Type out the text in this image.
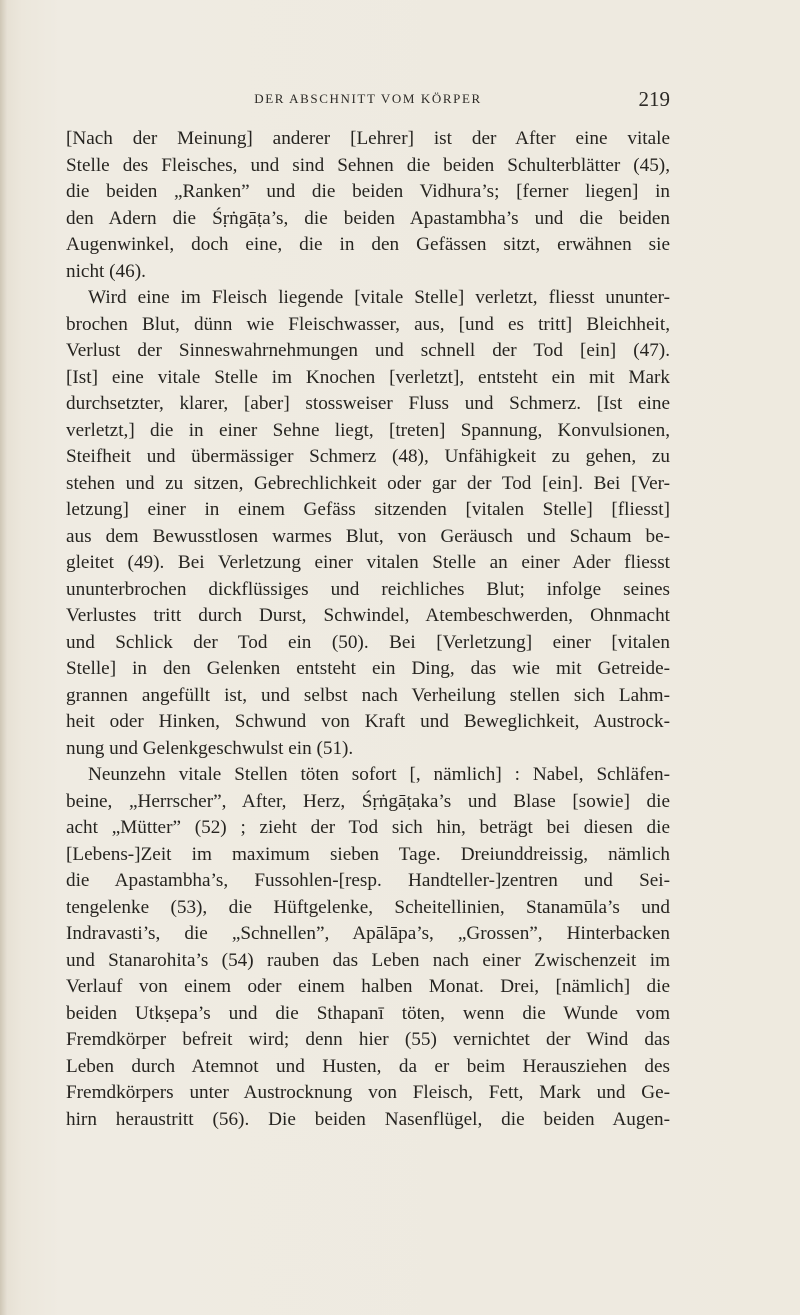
DER ABSCHNITT VOM KÖRPER	219
[Nach der Meinung] anderer [Lehrer] ist der After eine vitale
Stelle des Fleisches, und sind Sehnen die beiden Schulterblätter (45),
die beiden „Ranken” und die beiden Vidhura’s; [ferner liegen] in
den Adern die Śṛṅgāṭa’s, die beiden Apastambha’s und die beiden
Augenwinkel, doch eine, die in den Gefässen sitzt, erwähnen sie
nicht (46).
Wird eine im Fleisch liegende [vitale Stelle] verletzt, fliesst ununter-
brochen Blut, dünn wie Fleischwasser, aus, [und es tritt] Bleichheit,
Verlust der Sinneswahrnehmungen und schnell der Tod [ein] (47).
[Ist] eine vitale Stelle im Knochen [verletzt], entsteht ein mit Mark
durchsetzter, klarer, [aber] stossweiser Fluss und Schmerz. [Ist eine
verletzt,] die in einer Sehne liegt, [treten] Spannung, Konvulsionen,
Steifheit und übermässiger Schmerz (48), Unfähigkeit zu gehen, zu
stehen und zu sitzen, Gebrechlichkeit oder gar der Tod [ein]. Bei [Ver-
letzung] einer in einem Gefäss sitzenden [vitalen Stelle] [fliesst]
aus dem Bewusstlosen warmes Blut, von Geräusch und Schaum be-
gleitet (49). Bei Verletzung einer vitalen Stelle an einer Ader fliesst
ununterbrochen dickflüssiges und reichliches Blut; infolge seines
Verlustes tritt durch Durst, Schwindel, Atembeschwerden, Ohnmacht
und Schlick der Tod ein (50). Bei [Verletzung] einer [vitalen
Stelle] in den Gelenken entsteht ein Ding, das wie mit Getreide-
grannen angefüllt ist, und selbst nach Verheilung stellen sich Lahm-
heit oder Hinken, Schwund von Kraft und Beweglichkeit, Austrock-
nung und Gelenkgeschwulst ein (51).
Neunzehn vitale Stellen töten sofort [, nämlich] : Nabel, Schläfen-
beine, „Herrscher”, After, Herz, Śṛṅgāṭaka’s und Blase [sowie] die
acht „Mütter” (52) ; zieht der Tod sich hin, beträgt bei diesen die
[Lebens-]Zeit im maximum sieben Tage. Dreiunddreissig, nämlich
die Apastambha’s, Fussohlen-[resp. Handteller-]zentren und Sei-
tengelenke (53), die Hüftgelenke, Scheitellinien, Stanamūla’s und
Indravasti’s, die „Schnellen”, Apālāpa’s, „Grossen”, Hinterbacken
und Stanarohita’s (54) rauben das Leben nach einer Zwischenzeit im
Verlauf von einem oder einem halben Monat. Drei, [nämlich] die
beiden Utkṣepa’s und die Sthapanī töten, wenn die Wunde vom
Fremdkörper befreit wird; denn hier (55) vernichtet der Wind das
Leben durch Atemnot und Husten, da er beim Herausziehen des
Fremdkörpers unter Austrocknung von Fleisch, Fett, Mark und Ge-
hirn heraustritt (56). Die beiden Nasenflügel, die beiden Augen-
